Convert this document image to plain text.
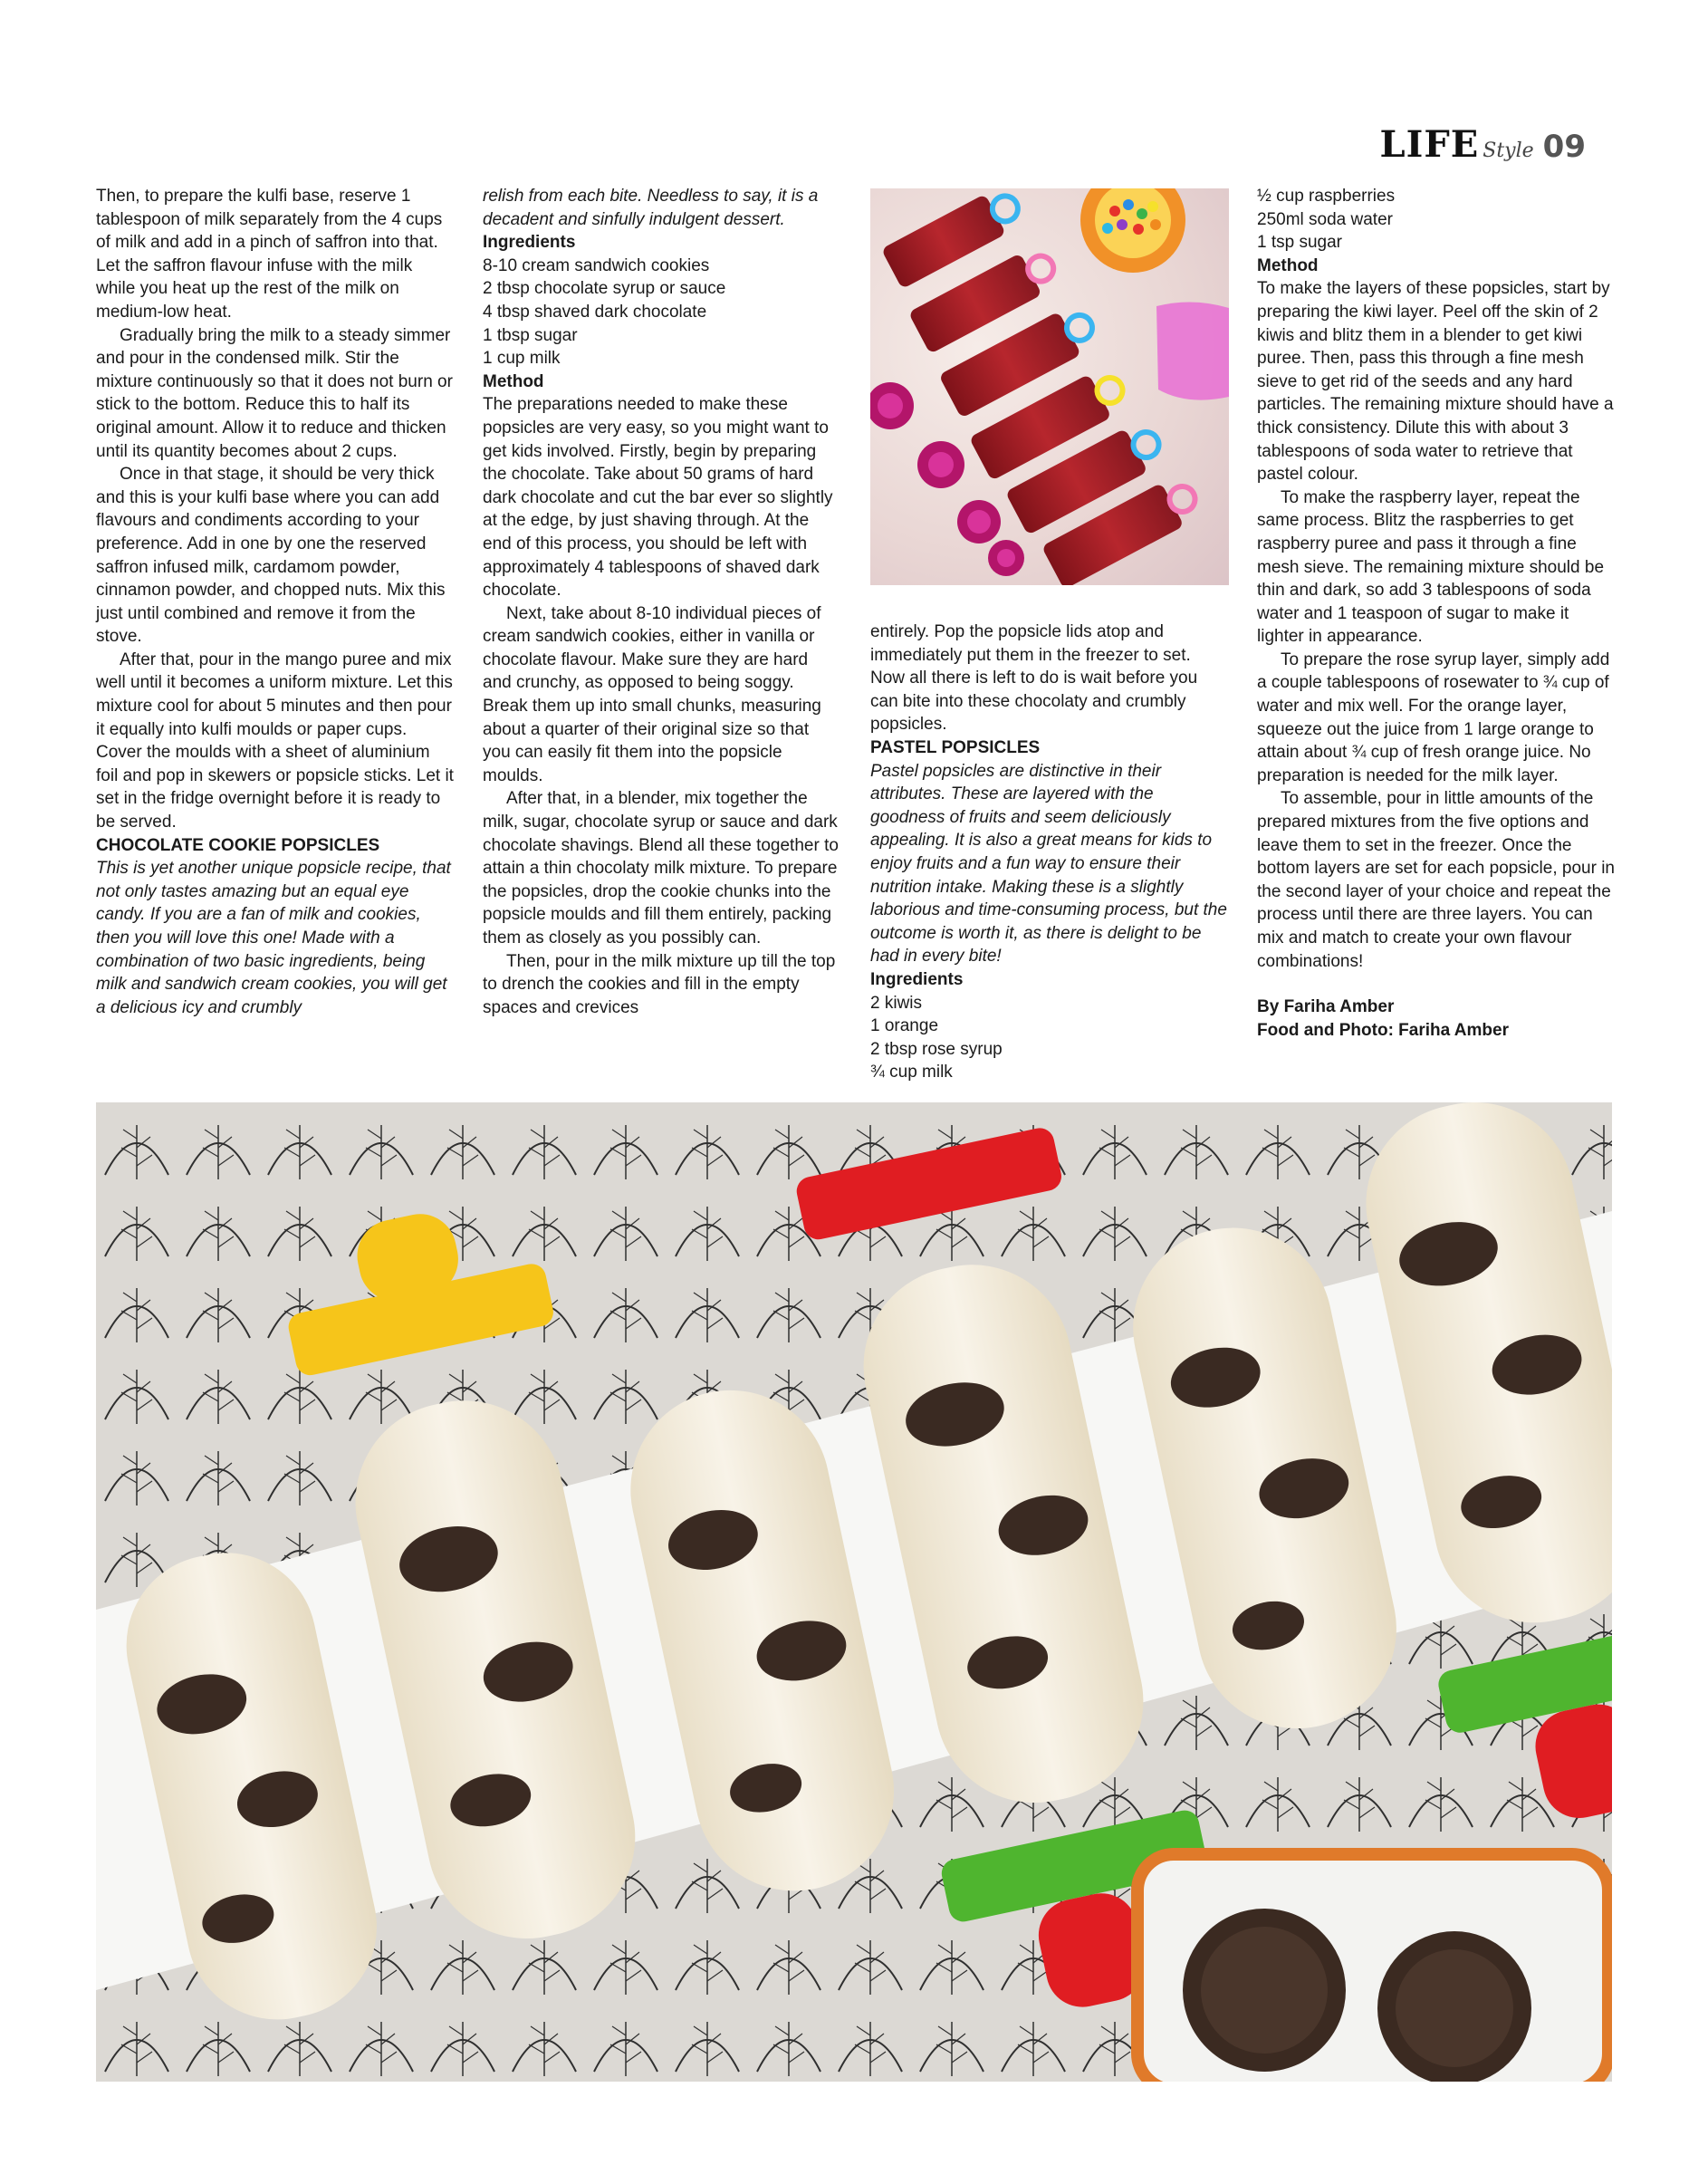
LIFE Style 09

Then, to prepare the kulfi base, reserve 1 tablespoon of milk separately from the 4 cups of milk and add in a pinch of saffron into that. Let the saffron flavour infuse with the milk while you heat up the rest of the milk on medium-low heat.

Gradually bring the milk to a steady simmer and pour in the condensed milk. Stir the mixture continuously so that it does not burn or stick to the bottom. Reduce this to half its original amount. Allow it to reduce and thicken until its quantity becomes about 2 cups.

Once in that stage, it should be very thick and this is your kulfi base where you can add flavours and condiments according to your preference. Add in one by one the reserved saffron infused milk, cardamom powder, cinnamon powder, and chopped nuts. Mix this just until combined and remove it from the stove.

After that, pour in the mango puree and mix well until it becomes a uniform mixture. Let this mixture cool for about 5 minutes and then pour it equally into kulfi moulds or paper cups. Cover the moulds with a sheet of aluminium foil and pop in skewers or popsicle sticks. Let it set in the fridge overnight before it is ready to be served.

CHOCOLATE COOKIE POPSICLES

This is yet another unique popsicle recipe, that not only tastes amazing but an equal eye candy. If you are a fan of milk and cookies, then you will love this one! Made with a combination of two basic ingredients, being milk and sandwich cream cookies, you will get a delicious icy and crumbly

relish from each bite. Needless to say, it is a decadent and sinfully indulgent dessert.

Ingredients

8-10 cream sandwich cookies

2 tbsp chocolate syrup or sauce

4 tbsp shaved dark chocolate

1 tbsp sugar

1 cup milk

Method

The preparations needed to make these popsicles are very easy, so you might want to get kids involved. Firstly, begin by preparing the chocolate. Take about 50 grams of hard dark chocolate and cut the bar ever so slightly at the edge, by just shaving through. At the end of this process, you should be left with approximately 4 tablespoons of shaved dark chocolate.

Next, take about 8-10 individual pieces of cream sandwich cookies, either in vanilla or chocolate flavour. Make sure they are hard and crunchy, as opposed to being soggy. Break them up into small chunks, measuring about a quarter of their original size so that you can easily fit them into the popsicle moulds.

After that, in a blender, mix together the milk, sugar, chocolate syrup or sauce and dark chocolate shavings. Blend all these together to attain a thin chocolaty milk mixture. To prepare the popsicles, drop the cookie chunks into the popsicle moulds and fill them entirely, packing them as closely as you possibly can.

Then, pour in the milk mixture up till the top to drench the cookies and fill in the empty spaces and crevices

entirely. Pop the popsicle lids atop and immediately put them in the freezer to set. Now all there is left to do is wait before you can bite into these chocolaty and crumbly popsicles.

PASTEL POPSICLES

Pastel popsicles are distinctive in their attributes. These are layered with the goodness of fruits and seem deliciously appealing. It is also a great means for kids to enjoy fruits and a fun way to ensure their nutrition intake. Making these is a slightly laborious and time-consuming process, but the outcome is worth it, as there is delight to be had in every bite!

Ingredients

2 kiwis

1 orange

2 tbsp rose syrup

¾ cup milk

½ cup raspberries

250ml soda water

1 tsp sugar

Method

To make the layers of these popsicles, start by preparing the kiwi layer. Peel off the skin of 2 kiwis and blitz them in a blender to get kiwi puree. Then, pass this through a fine mesh sieve to get rid of the seeds and any hard particles. The remaining mixture should have a thick consistency. Dilute this with about 3 tablespoons of soda water to retrieve that pastel colour.

To make the raspberry layer, repeat the same process. Blitz the raspberries to get raspberry puree and pass it through a fine mesh sieve. The remaining mixture should be thin and dark, so add 3 tablespoons of soda water and 1 teaspoon of sugar to make it lighter in appearance.

To prepare the rose syrup layer, simply add a couple tablespoons of rosewater to ¾ cup of water and mix well. For the orange layer, squeeze out the juice from 1 large orange to attain about ¾ cup of fresh orange juice. No preparation is needed for the milk layer.

To assemble, pour in little amounts of the prepared mixtures from the five options and leave them to set in the freezer. Once the bottom layers are set for each popsicle, pour in the second layer of your choice and repeat the process until there are three layers. You can mix and match to create your own flavour combinations!

By Fariha Amber

Food and Photo: Fariha Amber
